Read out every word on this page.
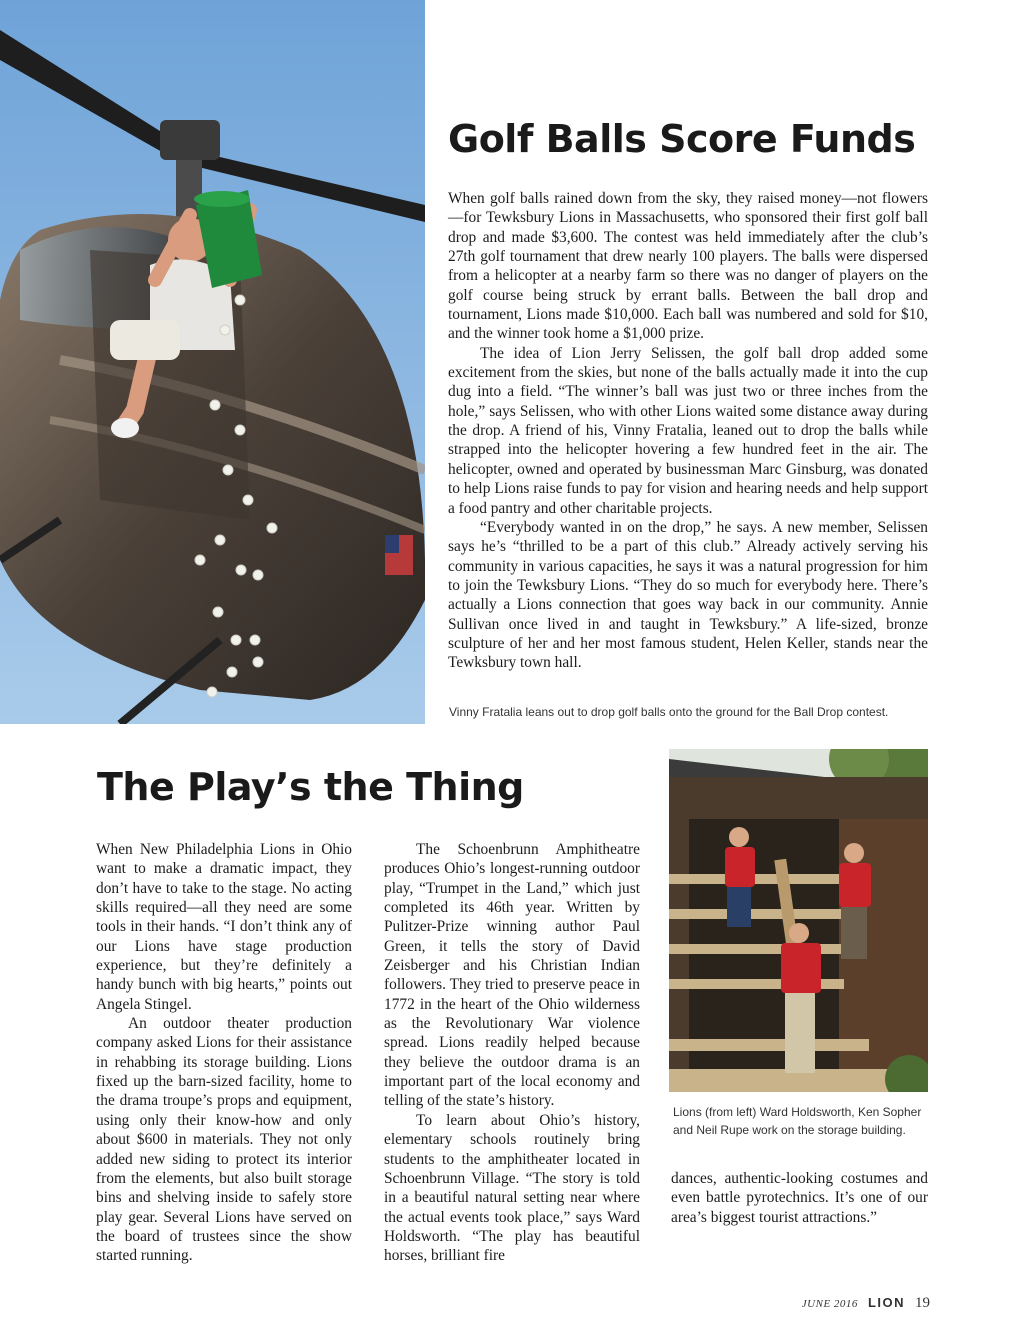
Golf Balls Score Funds

When golf balls rained down from the sky, they raised money—not flowers—for Tewksbury Lions in Massachusetts, who sponsored their first golf ball drop and made $3,600. The contest was held immediately after the club’s 27th golf tournament that drew nearly 100 players. The balls were dispersed from a helicopter at a nearby farm so there was no danger of players on the golf course being struck by errant balls. Between the ball drop and tournament, Lions made $10,000. Each ball was numbered and sold for $10, and the winner took home a $1,000 prize.

The idea of Lion Jerry Selissen, the golf ball drop added some excitement from the skies, but none of the balls actually made it into the cup dug into a field. “The winner’s ball was just two or three inches from the hole,” says Selissen, who with other Lions waited some distance away during the drop. A friend of his, Vinny Fratalia, leaned out to drop the balls while strapped into the helicopter hovering a few hundred feet in the air. The helicopter, owned and operated by businessman Marc Ginsburg, was donated to help Lions raise funds to pay for vision and hearing needs and help support a food pantry and other charitable projects.

“Everybody wanted in on the drop,” he says. A new member, Selissen says he’s “thrilled to be a part of this club.” Already actively serving his community in various capacities, he says it was a natural progression for him to join the Tewksbury Lions. “They do so much for everybody here. There’s actually a Lions connection that goes way back in our community. Annie Sullivan once lived in and taught in Tewksbury.” A life-sized, bronze sculpture of her and her most famous student, Helen Keller, stands near the Tewksbury town hall.

Vinny Fratalia leans out to drop golf balls onto the ground for the Ball Drop contest.
The Play’s the Thing

When New Philadelphia Lions in Ohio want to make a dramatic impact, they don’t have to take to the stage. No acting skills required—all they need are some tools in their hands. “I don’t think any of our Lions have stage production experience, but they’re definitely a handy bunch with big hearts,” points out Angela Stingel.

An outdoor theater production company asked Lions for their assistance in rehabbing its storage building. Lions fixed up the barn-sized facility, home to the drama troupe’s props and equipment, using only their know-how and only about $600 in materials. They not only added new siding to protect its interior from the elements, but also built storage bins and shelving inside to safely store play gear. Several Lions have served on the board of trustees since the show started running.

The Schoenbrunn Amphitheatre produces Ohio’s longest-running outdoor play, “Trumpet in the Land,” which just completed its 46th year. Written by Pulitzer-Prize winning author Paul Green, it tells the story of David Zeisberger and his Christian Indian followers. They tried to preserve peace in 1772 in the heart of the Ohio wilderness as the Revolutionary War violence spread. Lions readily helped because they believe the outdoor drama is an important part of the local economy and telling of the state’s history.

To learn about Ohio’s history, elementary schools routinely bring students to the amphitheater located in Schoenbrunn Village. “The story is told in a beautiful natural setting near where the actual events took place,” says Ward Holdsworth. “The play has beautiful horses, brilliant fire

dances, authentic-looking costumes and even battle pyrotechnics. It’s one of our area’s biggest tourist attractions.”

Lions (from left) Ward Holdsworth, Ken Sopher and Neil Rupe work on the storage building.
JUNE 2016 LION 19
